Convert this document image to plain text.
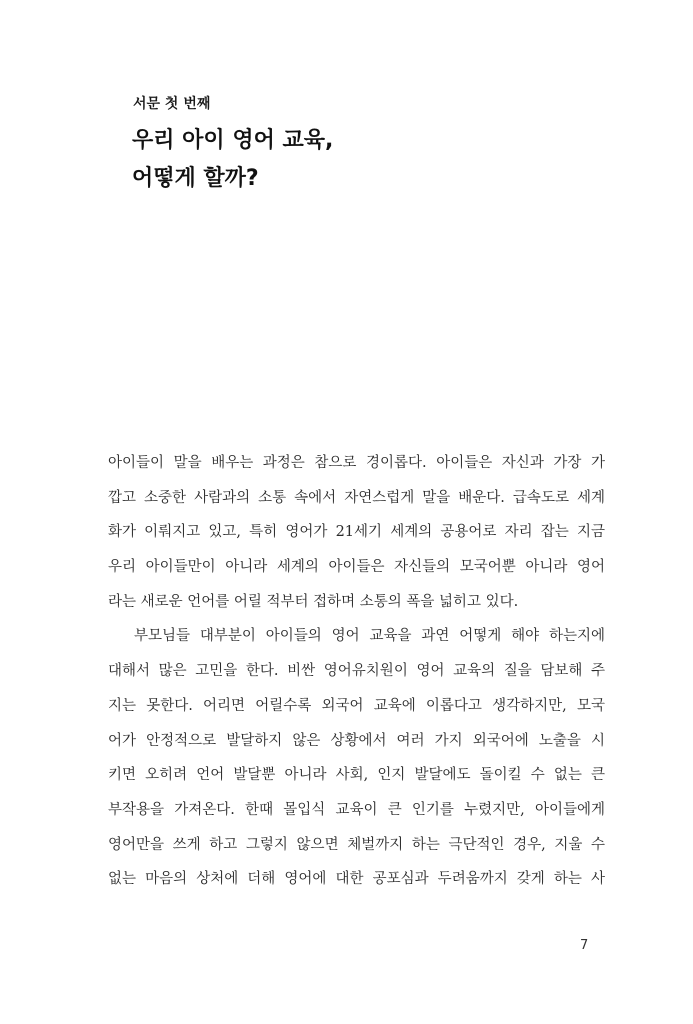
서문 첫 번째
우리 아이 영어 교육,
어떻게 할까?

아이들이 말을 배우는 과정은 참으로 경이롭다. 아이들은 자신과 가장 가
깝고 소중한 사람과의 소통 속에서 자연스럽게 말을 배운다. 급속도로 세계
화가 이뤄지고 있고, 특히 영어가 21세기 세계의 공용어로 자리 잡는 지금
우리 아이들만이 아니라 세계의 아이들은 자신들의 모국어뿐 아니라 영어
라는 새로운 언어를 어릴 적부터 접하며 소통의 폭을 넓히고 있다.

부모님들 대부분이 아이들의 영어 교육을 과연 어떻게 해야 하는지에
대해서 많은 고민을 한다. 비싼 영어유치원이 영어 교육의 질을 담보해 주
지는 못한다. 어리면 어릴수록 외국어 교육에 이롭다고 생각하지만, 모국
어가 안정적으로 발달하지 않은 상황에서 여러 가지 외국어에 노출을 시
키면 오히려 언어 발달뿐 아니라 사회, 인지 발달에도 돌이킬 수 없는 큰
부작용을 가져온다. 한때 몰입식 교육이 큰 인기를 누렸지만, 아이들에게
영어만을 쓰게 하고 그렇지 않으면 체벌까지 하는 극단적인 경우, 지울 수
없는 마음의 상처에 더해 영어에 대한 공포심과 두려움까지 갖게 하는 사

7
